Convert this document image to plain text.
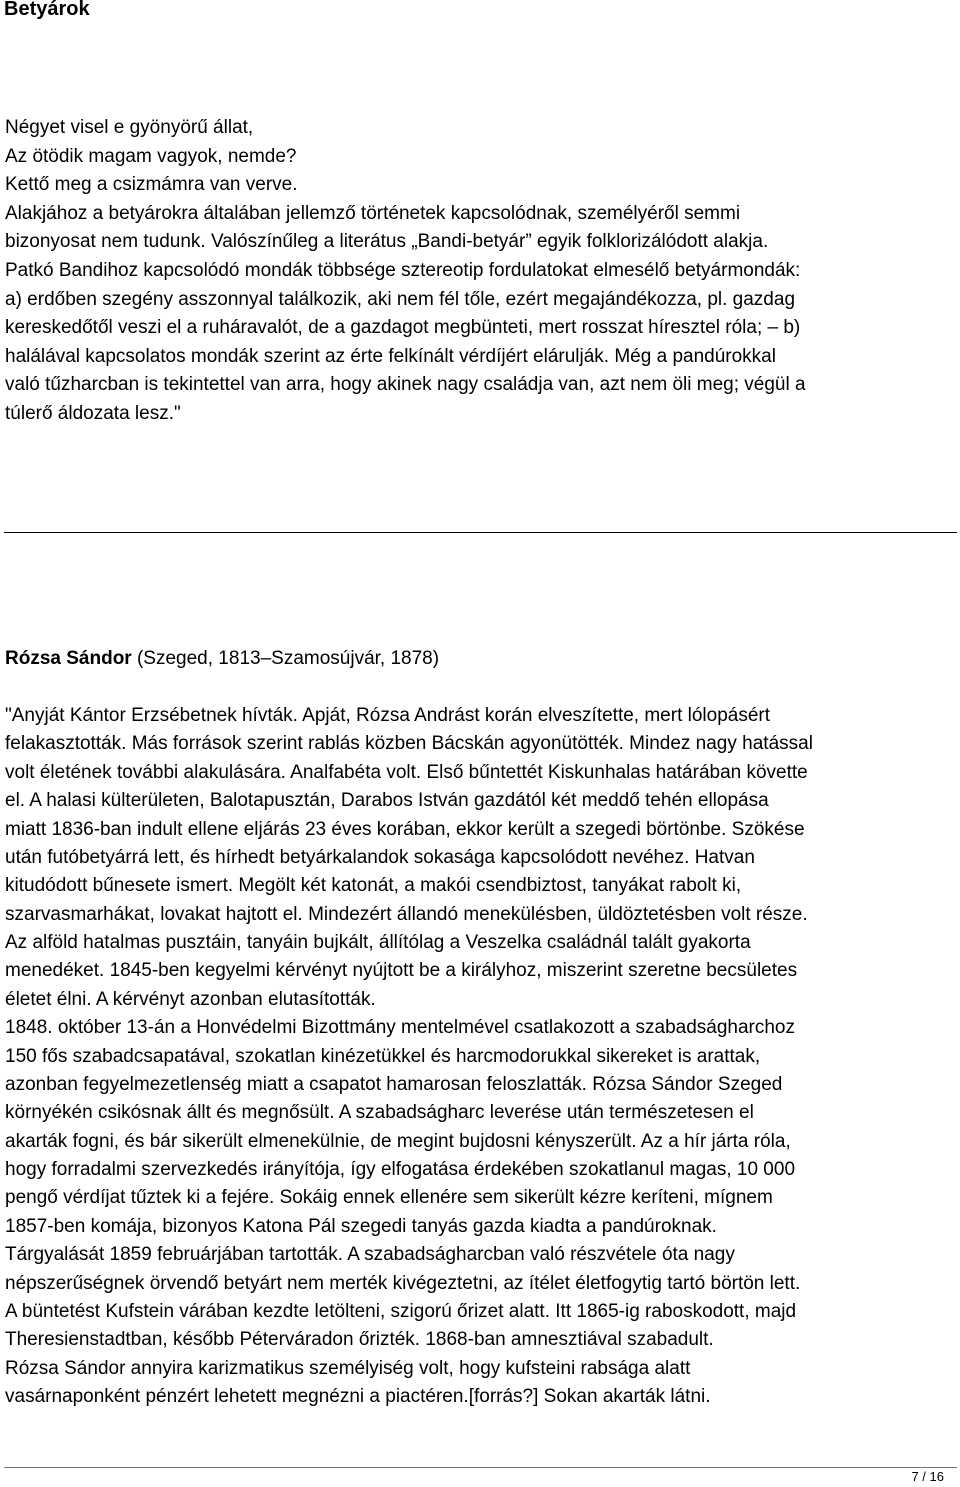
Betyárok
Négyet visel e gyönyörű állat,
Az ötödik magam vagyok, nemde?
Kettő meg a csizmámra van verve.
Alakjához a betyárokra általában jellemző történetek kapcsolódnak, személyéről semmi
bizonyosat nem tudunk. Valószínűleg a literátus „Bandi-betyár” egyik folklorizálódott alakja.
Patkó Bandihoz kapcsolódó mondák többsége sztereotip fordulatokat elmesélő betyármondák:
a) erdőben szegény asszonnyal találkozik, aki nem fél tőle, ezért megajándékozza, pl. gazdag
kereskedőtől veszi el a ruháravalót, de a gazdagot megbünteti, mert rosszat híresztel róla; – b)
halálával kapcsolatos mondák szerint az érte felkínált vérdíjért elárulják. Még a pandúrokkal
való tűzharcban is tekintettel van arra, hogy akinek nagy családja van, azt nem öli meg; végül a
túlerő áldozata lesz."
Rózsa Sándor (Szeged, 1813–Szamosújvár, 1878)
"Anyját Kántor Erzsébetnek hívták. Apját, Rózsa Andrást korán elveszítette, mert lólopásért
felakasztották. Más források szerint rablás közben Bácskán agyonütötték. Mindez nagy hatással
volt életének további alakulására. Analfabéta volt. Első bűntettét Kiskunhalas határában követte
el. A halasi külterületen, Balotapusztán, Darabos István gazdától két meddő tehén ellopása
miatt 1836-ban indult ellene eljárás 23 éves korában, ekkor került a szegedi börtönbe. Szökése
után futóbetyárrá lett, és hírhedt betyárkalandok sokasága kapcsolódott nevéhez. Hatvan
kitudódott bűnesete ismert. Megölt két katonát, a makói csendbiztost, tanyákat rabolt ki,
szarvasmarhákat, lovakat hajtott el. Mindezért állandó menekülésben, üldöztetésben volt része.
Az alföld hatalmas pusztáin, tanyáin bujkált, állítólag a Veszelka családnál talált gyakorta
menedéket. 1845-ben kegyelmi kérvényt nyújtott be a királyhoz, miszerint szeretne becsületes
életet élni. A kérvényt azonban elutasították.
1848. október 13-án a Honvédelmi Bizottmány mentelmével csatlakozott a szabadságharchoz
150 fős szabadcsapatával, szokatlan kinézetükkel és harcmodorukkal sikereket is arattak,
azonban fegyelmezetlenség miatt a csapatot hamarosan feloszlatták. Rózsa Sándor Szeged
környékén csikósnak állt és megnősült. A szabadságharc leverése után természetesen el
akarták fogni, és bár sikerült elmenekülnie, de megint bujdosni kényszerült. Az a hír járta róla,
hogy forradalmi szervezkedés irányítója, így elfogatása érdekében szokatlanul magas, 10 000
pengő vérdíjat tűztek ki a fejére. Sokáig ennek ellenére sem sikerült kézre keríteni, mígnem
1857-ben komája, bizonyos Katona Pál szegedi tanyás gazda kiadta a pandúroknak.
Tárgyalását 1859 februárjában tartották. A szabadságharcban való részvétele óta nagy
népszerűségnek örvendő betyárt nem merték kivégeztetni, az ítélet életfogytig tartó börtön lett.
A büntetést Kufstein várában kezdte letölteni, szigorú őrizet alatt. Itt 1865-ig raboskodott, majd
Theresienstadtban, később Péterváradon őrizték. 1868-ban amnesztiával szabadult.
Rózsa Sándor annyira karizmatikus személyiség volt, hogy kufsteini rabsága alatt
vasárnaponként pénzért lehetett megnézni a piactéren.[forrás?] Sokan akarták látni.
7 / 16
